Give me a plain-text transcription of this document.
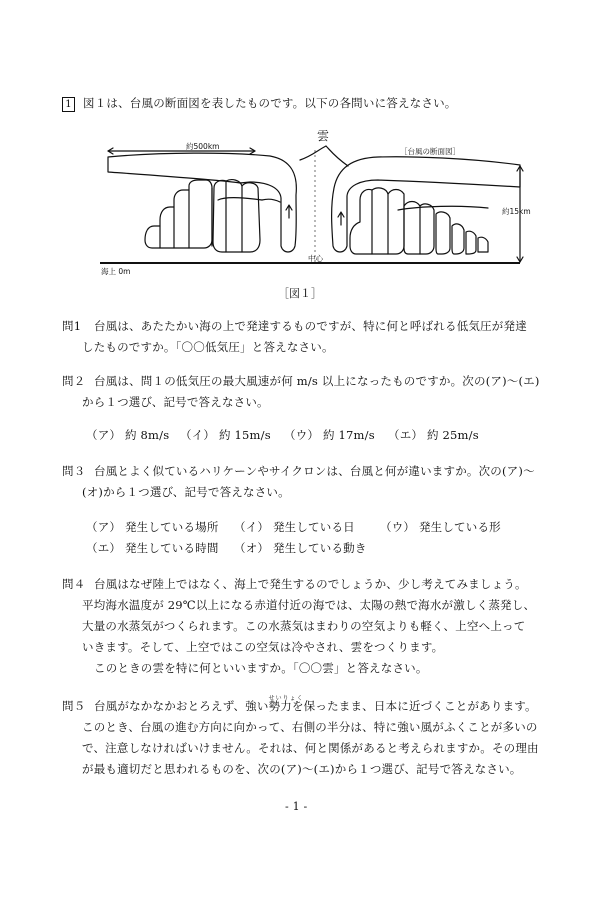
1 図１は、台風の断面図を表したものです。以下の各問いに答えなさい。
約500km
雲
［台風の断面図］
約15km
海上 0m
中心
［図１］
問1 台風は、あたたかい海の上で発達するものですが、特に何と呼ばれる低気圧が発達
したものですか。「〇〇低気圧」と答えなさい。
問２ 台風は、問１の低気圧の最大風速が何 m/s 以上になったものですか。次の(ア)～(エ)
から１つ選び、記号で答えなさい。
（ア） 約 8m/s （イ） 約 15m/s （ウ） 約 17m/s （エ） 約 25m/s
問３ 台風とよく似ているハリケーンやサイクロンは、台風と何が違いますか。次の(ア)～
(オ)から１つ選び、記号で答えなさい。
（ア） 発生している場所 （イ） 発生している日 （ウ） 発生している形
（エ） 発生している時間 （オ） 発生している動き
問４ 台風はなぜ陸上ではなく、海上で発生するのでしょうか、少し考えてみましょう。
平均海水温度が 29℃以上になる赤道付近の海では、太陽の熱で海水が激しく蒸発し、
大量の水蒸気がつくられます。この水蒸気はまわりの空気よりも軽く、上空へ上って
いきます。そして、上空ではこの空気は冷やされ、雲をつくります。
このときの雲を特に何といいますか。「〇〇雲」と答えなさい。
問５ 台風がなかなかおとろえず、強い
せいりょく
勢力を保ったまま、日本に近づくことがあります。
このとき、台風の進む方向に向かって、右側の半分は、特に強い風がふくことが多いの
で、注意しなければいけません。それは、何と関係があると考えられますか。その理由
が最も適切だと思われるものを、次の(ア)～(エ)から１つ選び、記号で答えなさい。
- 1 -
